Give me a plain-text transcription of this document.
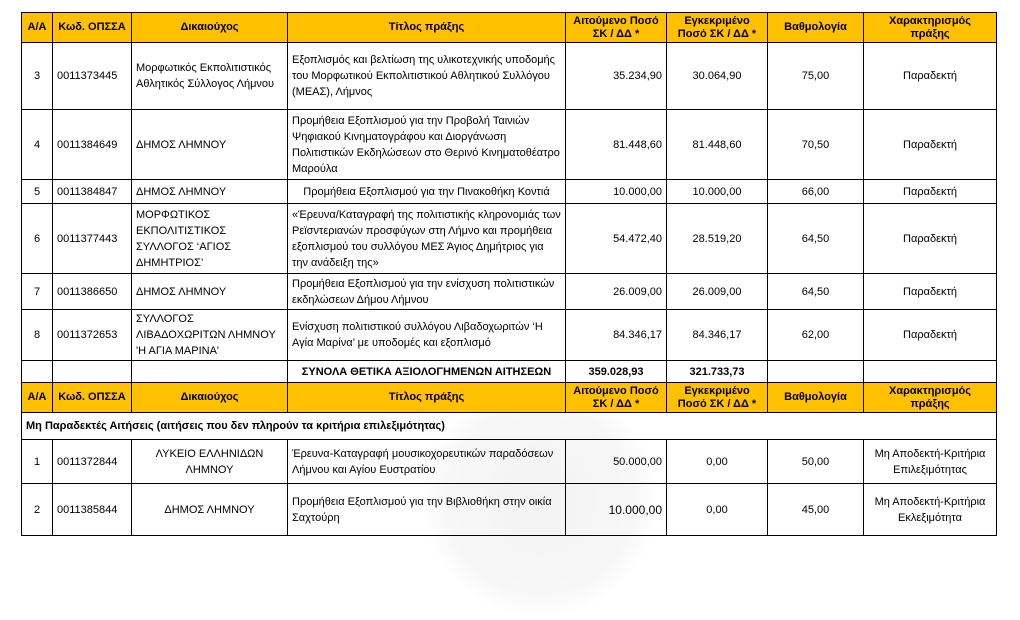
Α/Α	Κωδ. ΟΠΣΣΑ	Δικαιούχος	Τίτλος πράξης	Αιτούμενο Ποσό ΣΚ / ΔΔ *	Εγκεκριμένο Ποσό ΣΚ / ΔΔ *	Βαθμολογία	Χαρακτηρισμός πράξης
3	0011373445	Μορφωτικός Εκπολιτιστικός Αθλητικός Σύλλογος Λήμνου	Εξοπλισμός και βελτίωση της υλικοτεχνικής υποδομής του Μορφωτικού Εκπολιτιστικού Αθλητικού Συλλόγου (ΜΕΑΣ), Λήμνος	35.234,90	30.064,90	75,00	Παραδεκτή
4	0011384649	ΔΗΜΟΣ ΛΗΜΝΟΥ	Προμήθεια Εξοπλισμού για την Προβολή Ταινιών Ψηφιακού Κινηματογράφου και Διοργάνωση Πολιτιστικών Εκδηλώσεων στο Θερινό Κινηματοθέατρο Μαρούλα	81.448,60	81.448,60	70,50	Παραδεκτή
5	0011384847	ΔΗΜΟΣ ΛΗΜΝΟΥ	Προμήθεια Εξοπλισμού για την Πινακοθήκη Κοντιά	10.000,00	10.000,00	66,00	Παραδεκτή
6	0011377443	ΜΟΡΦΩΤΙΚΟΣ ΕΚΠΟΛΙΤΙΣΤΙΚΟΣ ΣΥΛΛΟΓΟΣ ‘ΑΓΙΟΣ ΔΗΜΗΤΡΙΟΣ’	«Έρευνα/Καταγραφή της πολιτιστικής κληρονομιάς των Ρεϊσντεριανών προσφύγων στη Λήμνο και προμήθεια εξοπλισμού του συλλόγου ΜΕΣ Άγιος Δημήτριος για την ανάδειξη της»	54.472,40	28.519,20	64,50	Παραδεκτή
7	0011386650	ΔΗΜΟΣ ΛΗΜΝΟΥ	Προμήθεια Εξοπλισμού για την ενίσχυση πολιτιστικών εκδηλώσεων Δήμου Λήμνου	26.009,00	26.009,00	64,50	Παραδεκτή
8	0011372653	ΣΥΛΛΟΓΟΣ ΛΙΒΑΔΟΧΩΡΙΤΩΝ ΛΗΜΝΟΥ 'Η ΑΓΙΑ ΜΑΡΙΝΑ'	Ενίσχυση πολιτιστικού συλλόγου Λιβαδοχωριτών ‘Η Αγία Μαρίνα’ με υποδομές και εξοπλισμό	84.346,17	84.346,17	62,00	Παραδεκτή
			ΣΥΝΟΛΑ ΘΕΤΙΚΑ ΑΞΙΟΛΟΓΗΜΕΝΩΝ ΑΙΤΗΣΕΩΝ	359.028,93	321.733,73		
Α/Α	Κωδ. ΟΠΣΣΑ	Δικαιούχος	Τίτλος πράξης	Αιτούμενο Ποσό ΣΚ / ΔΔ *	Εγκεκριμένο Ποσό ΣΚ / ΔΔ *	Βαθμολογία	Χαρακτηρισμός πράξης
Μη Παραδεκτές Αιτήσεις (αιτήσεις που δεν πληρούν τα κριτήρια επιλεξιμότητας)							
1	0011372844	ΛΥΚΕΙΟ ΕΛΛΗΝΙΔΩΝ ΛΗΜΝΟΥ	Έρευνα-Καταγραφή μουσικοχορευτικών παραδόσεων Λήμνου και Αγίου Ευστρατίου	50.000,00	0,00	50,00	Μη Αποδεκτή-Κριτήρια Επιλεξιμότητας
2	0011385844	ΔΗΜΟΣ ΛΗΜΝΟΥ	Προμήθεια Εξοπλισμού για την Βιβλιοθήκη στην οικία Σαχτούρη	10.000,00	0,00	45,00	Μη Αποδεκτή-Κριτήρια Εκλεξιμότητα
